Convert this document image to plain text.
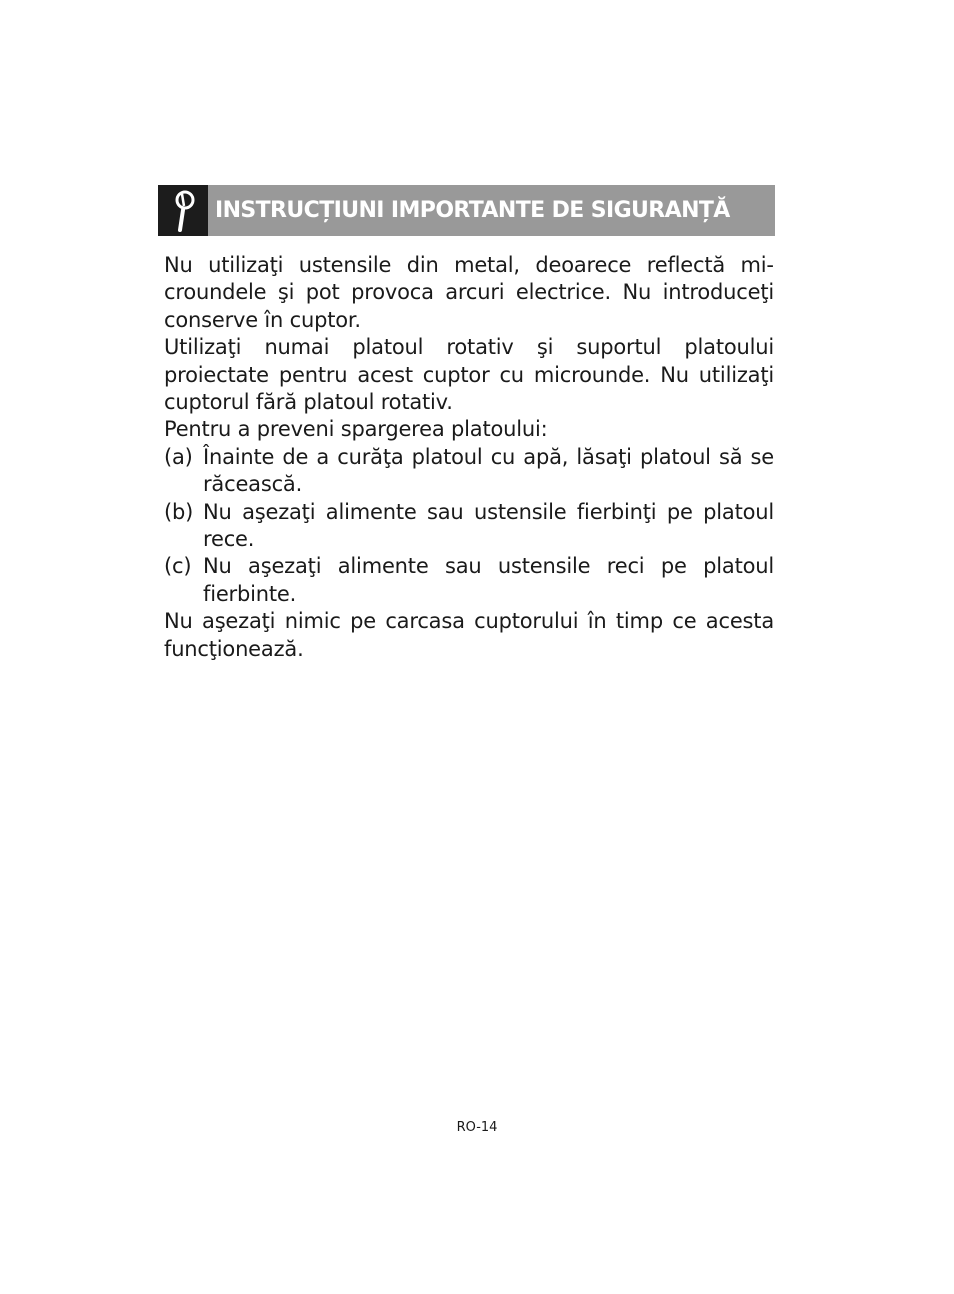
INSTRUCȚIUNI IMPORTANTE DE SIGURANȚĂ

Nu utilizaţi ustensile din metal, deoarece reflectă microundele şi pot provoca arcuri electrice. Nu introduceţi conserve în cuptor.

Utilizaţi numai platoul rotativ şi suportul platoului proiectate pentru acest cuptor cu microunde. Nu utilizaţi cuptorul fără platoul rotativ.

Pentru a preveni spargerea platoului:

(a) Înainte de a curăţa platoul cu apă, lăsaţi platoul să se răcească.
(b) Nu aşezaţi alimente sau ustensile fierbinţi pe platoul rece.
(c) Nu aşezaţi alimente sau ustensile reci pe platoul fierbinte.

Nu aşezaţi nimic pe carcasa cuptorului în timp ce acesta funcţionează.

RO-14
